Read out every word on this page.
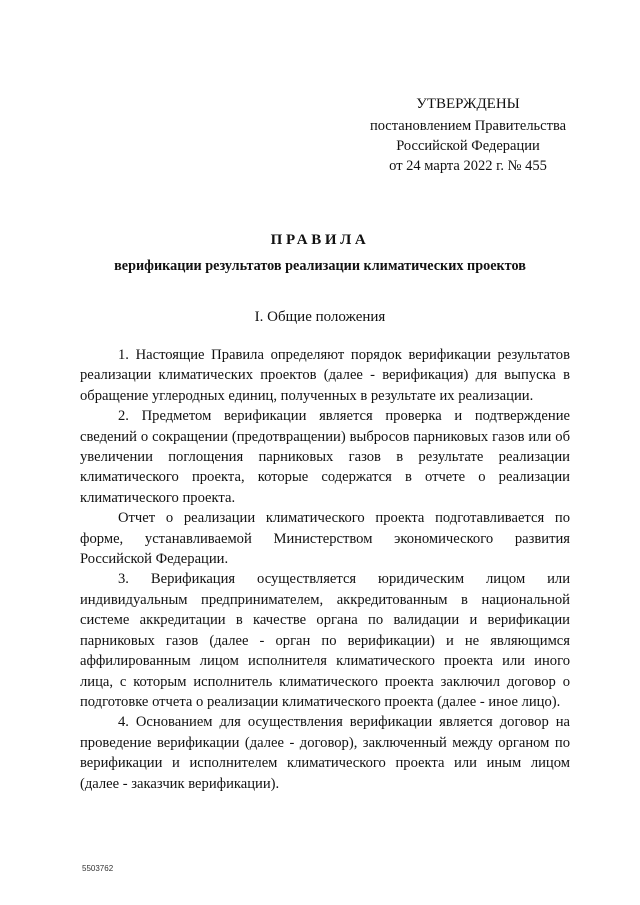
УТВЕРЖДЕНЫ
постановлением Правительства
Российской Федерации
от 24 марта 2022 г. № 455
ПРАВИЛА
верификации результатов реализации климатических проектов
I. Общие положения

1. Настоящие Правила определяют порядок верификации результатов реализации климатических проектов (далее - верификация) для выпуска в обращение углеродных единиц, полученных в результате их реализации.

2. Предметом верификации является проверка и подтверждение сведений о сокращении (предотвращении) выбросов парниковых газов или об увеличении поглощения парниковых газов в результате реализации климатического проекта, которые содержатся в отчете о реализации климатического проекта.

Отчет о реализации климатического проекта подготавливается по форме, устанавливаемой Министерством экономического развития Российской Федерации.

3. Верификация осуществляется юридическим лицом или индивидуальным предпринимателем, аккредитованным в национальной системе аккредитации в качестве органа по валидации и верификации парниковых газов (далее - орган по верификации) и не являющимся аффилированным лицом исполнителя климатического проекта или иного лица, с которым исполнитель климатического проекта заключил договор о подготовке отчета о реализации климатического проекта (далее - иное лицо).

4. Основанием для осуществления верификации является договор на проведение верификации (далее - договор), заключенный между органом по верификации и исполнителем климатического проекта или иным лицом (далее - заказчик верификации).

5503762
